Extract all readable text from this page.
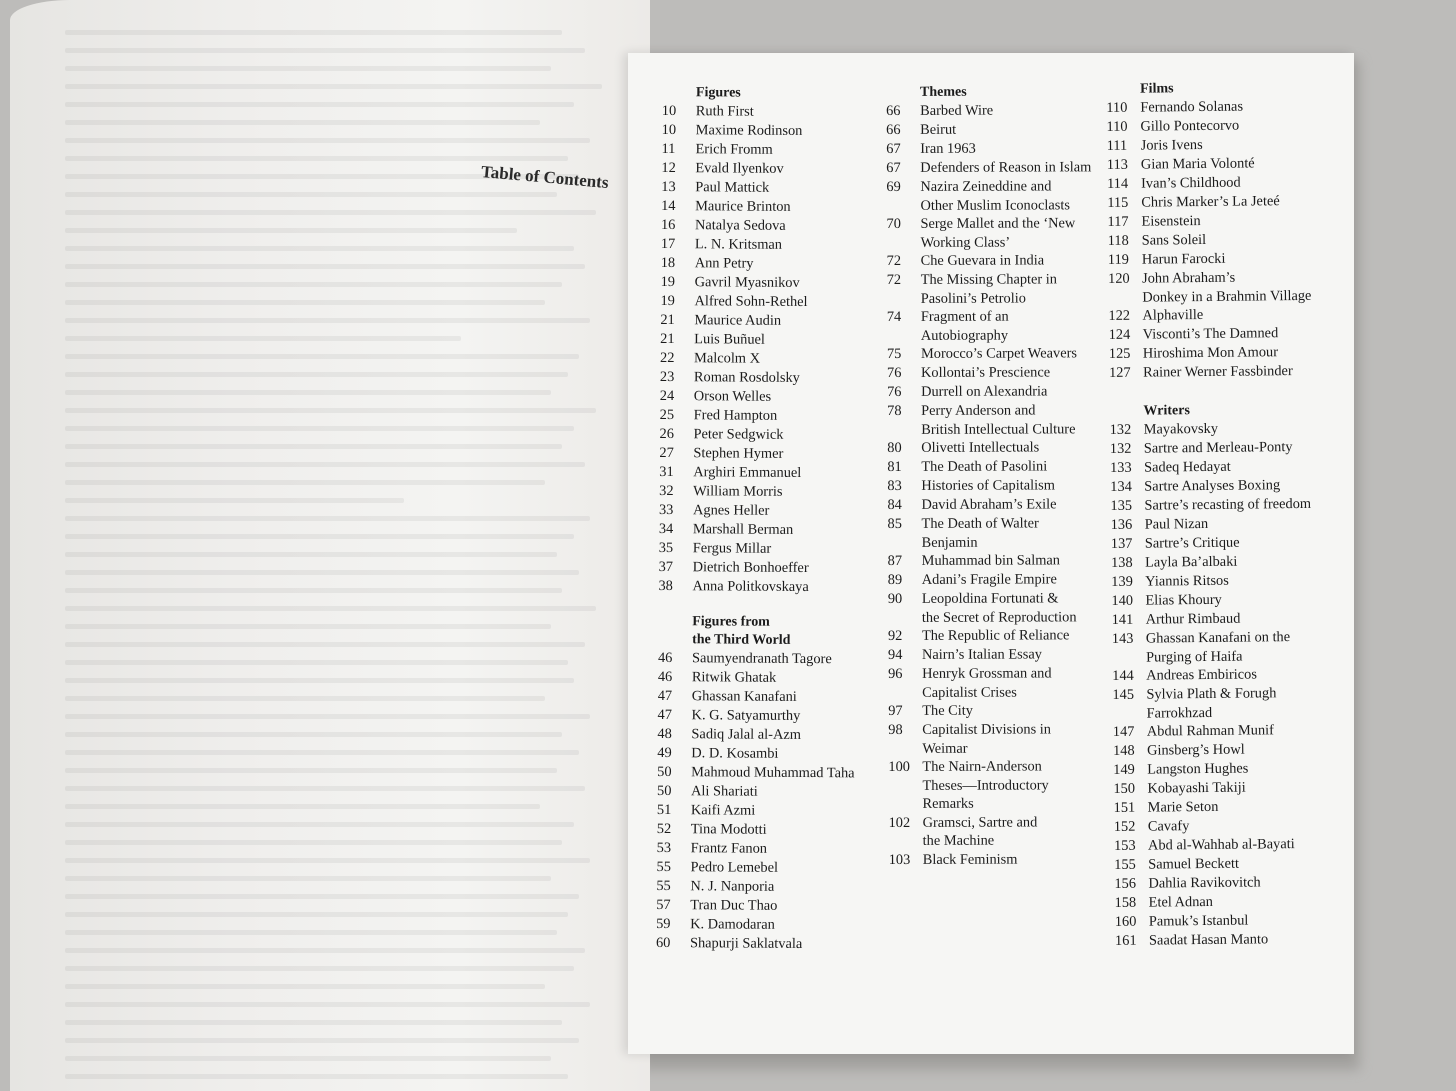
Table of Contents
Figures
10	Ruth First
10	Maxime Rodinson
11	Erich Fromm
12	Evald Ilyenkov
13	Paul Mattick
14	Maurice Brinton
16	Natalya Sedova
17	L. N. Kritsman
18	Ann Petry
19	Gavril Myasnikov
19	Alfred Sohn-Rethel
21	Maurice Audin
21	Luis Buñuel
22	Malcolm X
23	Roman Rosdolsky
24	Orson Welles
25	Fred Hampton
26	Peter Sedgwick
27	Stephen Hymer
31	Arghiri Emmanuel
32	William Morris
33	Agnes Heller
34	Marshall Berman
35	Fergus Millar
37	Dietrich Bonhoeffer
38	Anna Politkovskaya
Figures from
the Third World
46	Saumyendranath Tagore
46	Ritwik Ghatak
47	Ghassan Kanafani
47	K. G. Satyamurthy
48	Sadiq Jalal al-Azm
49	D. D. Kosambi
50	Mahmoud Muhammad Taha
50	Ali Shariati
51	Kaifi Azmi
52	Tina Modotti
53	Frantz Fanon
55	Pedro Lemebel
55	N. J. Nanporia
57	Tran Duc Thao
59	K. Damodaran
60	Shapurji Saklatvala
Themes
66	Barbed Wire
66	Beirut
67	Iran 1963
67	Defenders of Reason in Islam
69	Nazira Zeineddine and
Other Muslim Iconoclasts
70	Serge Mallet and the ‘New
Working Class’
72	Che Guevara in India
72	The Missing Chapter in
Pasolini’s Petrolio
74	Fragment of an
Autobiography
75	Morocco’s Carpet Weavers
76	Kollontai’s Prescience
76	Durrell on Alexandria
78	Perry Anderson and
British Intellectual Culture
80	Olivetti Intellectuals
81	The Death of Pasolini
83	Histories of Capitalism
84	David Abraham’s Exile
85	The Death of Walter
Benjamin
87	Muhammad bin Salman
89	Adani’s Fragile Empire
90	Leopoldina Fortunati &
the Secret of Reproduction
92	The Republic of Reliance
94	Nairn’s Italian Essay
96	Henryk Grossman and
Capitalist Crises
97	The City
98	Capitalist Divisions in
Weimar
100 The Nairn-Anderson
Theses—Introductory
Remarks
102 Gramsci, Sartre and
the Machine
103 Black Feminism
Films
110 Fernando Solanas
110 Gillo Pontecorvo
111 Joris Ivens
113 Gian Maria Volonté
114 Ivan’s Childhood
115 Chris Marker’s La Jeteé
117 Eisenstein
118 Sans Soleil
119 Harun Farocki
120 John Abraham’s
Donkey in a Brahmin Village
122 Alphaville
124 Visconti’s The Damned
125 Hiroshima Mon Amour
127 Rainer Werner Fassbinder
Writers
132 Mayakovsky
132 Sartre and Merleau-Ponty
133 Sadeq Hedayat
134 Sartre Analyses Boxing
135 Sartre’s recasting of freedom
136 Paul Nizan
137 Sartre’s Critique
138 Layla Ba’albaki
139 Yiannis Ritsos
140 Elias Khoury
141 Arthur Rimbaud
143 Ghassan Kanafani on the
Purging of Haifa
144 Andreas Embiricos
145 Sylvia Plath & Forugh
Farrokhzad
147 Abdul Rahman Munif
148 Ginsberg’s Howl
149 Langston Hughes
150 Kobayashi Takiji
151 Marie Seton
152 Cavafy
153 Abd al-Wahhab al-Bayati
155 Samuel Beckett
156 Dahlia Ravikovitch
158 Etel Adnan
160 Pamuk’s Istanbul
161 Saadat Hasan Manto
